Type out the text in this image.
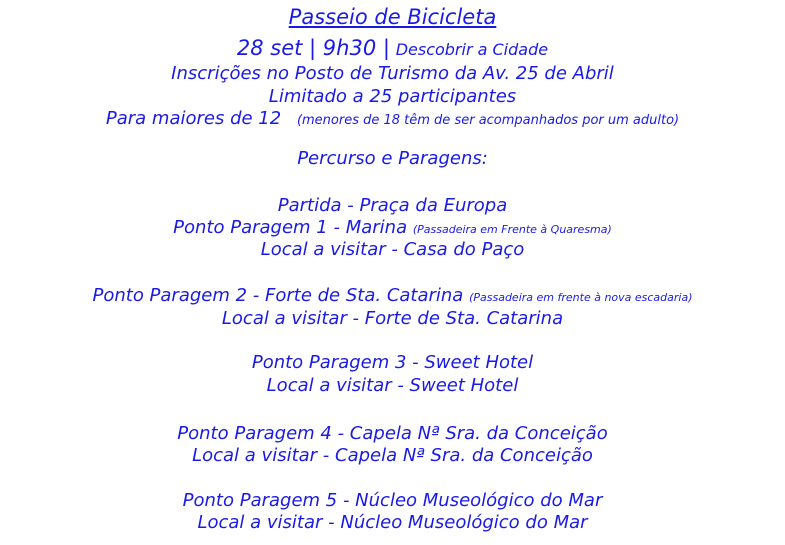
Passeio de Bicicleta
28 set | 9h30 | Descobrir a Cidade
Inscrições no Posto de Turismo da Av. 25 de Abril
Limitado a 25 participantes
Para maiores de 12 (menores de 18 têm de ser acompanhados por um adulto)
Percurso e Paragens:
Partida - Praça da Europa
Ponto Paragem 1 - Marina (Passadeira em Frente à Quaresma)
Local a visitar - Casa do Paço
Ponto Paragem 2 - Forte de Sta. Catarina (Passadeira em frente à nova escadaria)
Local a visitar - Forte de Sta. Catarina
Ponto Paragem 3 - Sweet Hotel
Local a visitar - Sweet Hotel
Ponto Paragem 4 - Capela Nª Sra. da Conceição
Local a visitar - Capela Nª Sra. da Conceição
Ponto Paragem 5 - Núcleo Museológico do Mar
Local a visitar - Núcleo Museológico do Mar
